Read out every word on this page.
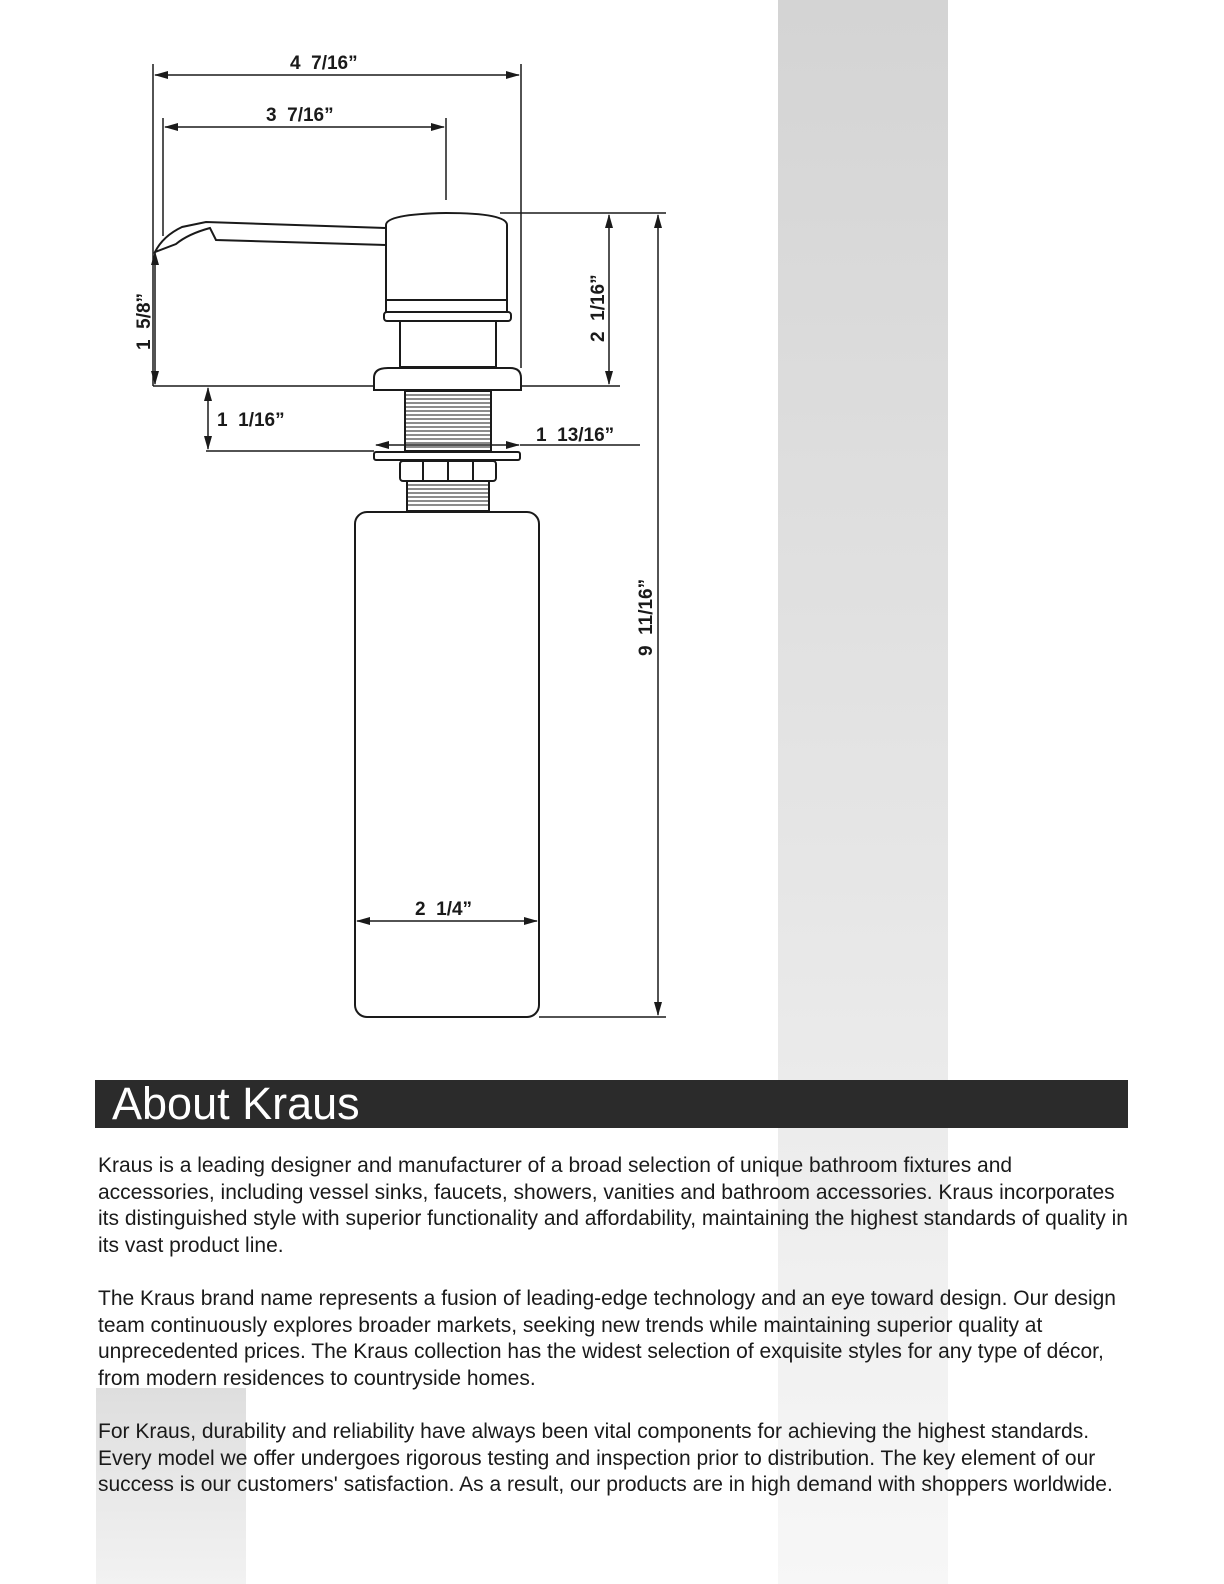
4  7/16”
3  7/16”
1  5/8”	2  1/16”
1  1/16”
1  13/16”
9  11/16”
2  1/4”
About Kraus

Kraus is a leading designer and manufacturer of a broad selection of unique bathroom fixtures and accessories, including vessel sinks, faucets, showers, vanities and bathroom accessories. Kraus incorporates its distinguished style with superior functionality and affordability, maintaining the highest standards of quality in its vast product line.

The Kraus brand name represents a fusion of leading-edge technology and an eye toward design. Our design team continuously explores broader markets, seeking new trends while maintaining superior quality at unprecedented prices. The Kraus collection has the widest selection of exquisite styles for any type of décor, from modern residences to countryside homes.

For Kraus, durability and reliability have always been vital components for achieving the highest standards. Every model we offer undergoes rigorous testing and inspection prior to distribution. The key element of our success is our customers' satisfaction. As a result, our products are in high demand with shoppers worldwide.
